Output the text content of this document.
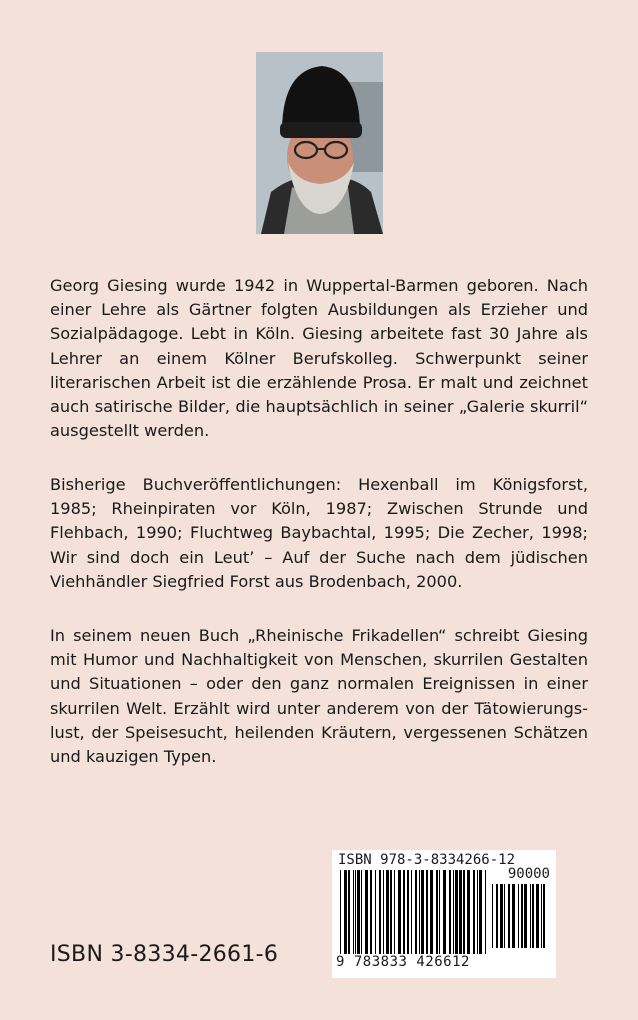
Georg Giesing wurde 1942 in Wuppertal-Barmen geboren. Nach einer Lehre als Gärtner folgten Ausbildungen als Erzieher und Sozialpädagoge. Lebt in Köln. Giesing arbeitete fast 30 Jahre als Lehrer an einem Kölner Berufskolleg. Schwerpunkt seiner literarischen Arbeit ist die erzählende Prosa. Er malt und zeichnet auch satirische Bilder, die hauptsächlich in seiner „Galerie skurril“ ausgestellt werden.

Bisherige Buchveröffentlichungen: Hexenball im Königsforst, 1985; Rheinpiraten vor Köln, 1987; Zwischen Strunde und Flehbach, 1990; Fluchtweg Baybachtal, 1995; Die Zecher, 1998; Wir sind doch ein Leut’ – Auf der Suche nach dem jüdischen Viehhändler Siegfried Forst aus Brodenbach, 2000.

In seinem neuen Buch „Rheinische Frikadellen“ schreibt Giesing mit Humor und Nachhaltigkeit von Menschen, skurrilen Gestalten und Situationen – oder den ganz normalen Ereignissen in einer skurrilen Welt. Erzählt wird unter anderem von der Tätowierungs-lust, der Speisesucht, heilenden Kräutern, vergessenen Schätzen und kauzigen Typen.

ISBN 3-8334-2661-6
ISBN 978-3-8334266-12
90000
9 783833 426612
